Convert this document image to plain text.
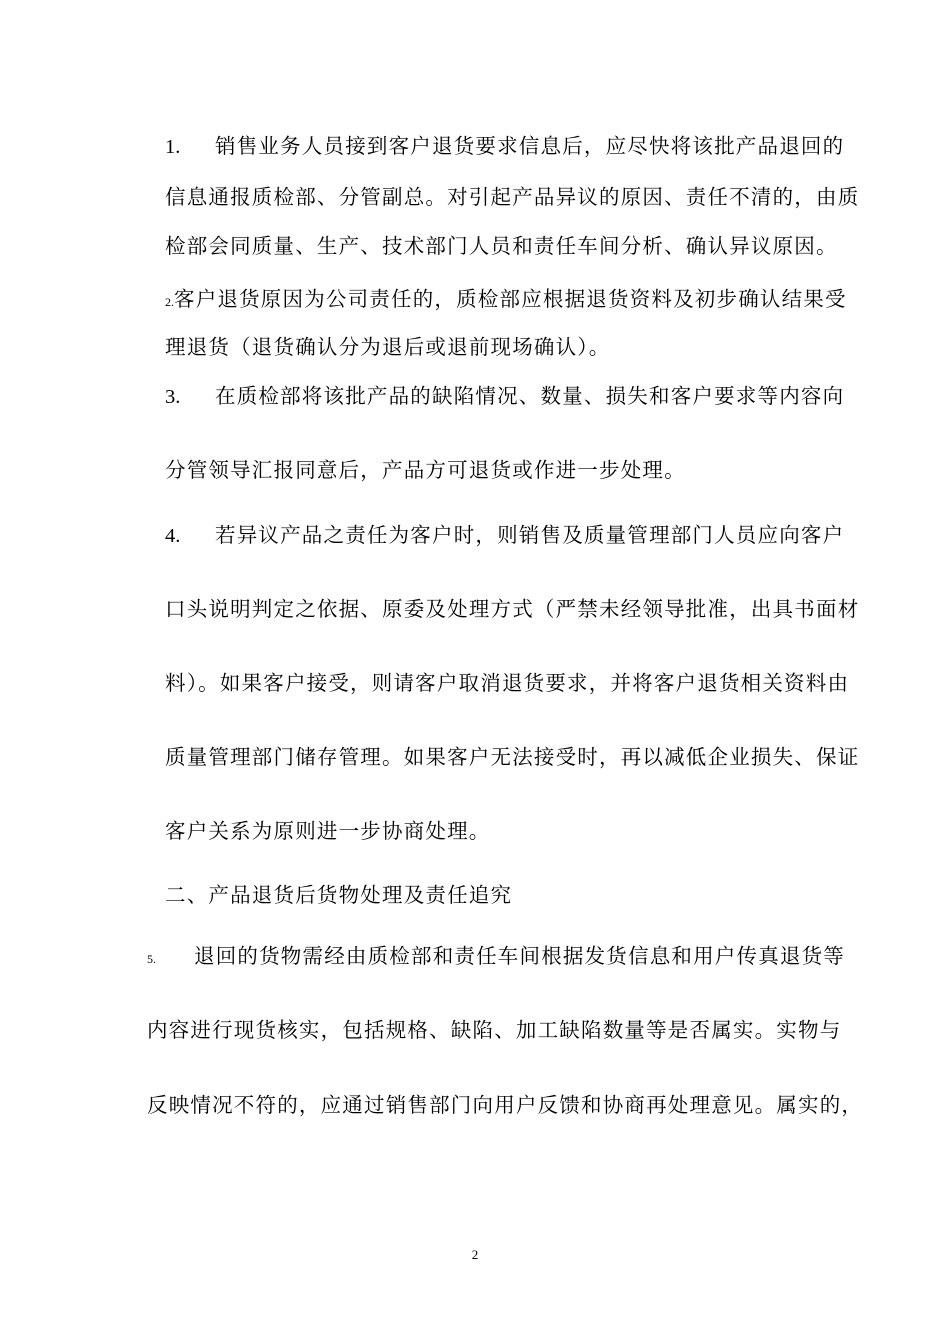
1. 销售业务人员接到客户退货要求信息后，应尽快将该批产品退回的
信息通报质检部、分管副总。对引起产品异议的原因、责任不清的，由质
检部会同质量、生产、技术部门人员和责任车间分析、确认异议原因。
2.客户退货原因为公司责任的，质检部应根据退货资料及初步确认结果受
理退货（退货确认分为退后或退前现场确认）。
3. 在质检部将该批产品的缺陷情况、数量、损失和客户要求等内容向
分管领导汇报同意后，产品方可退货或作进一步处理。
4. 若异议产品之责任为客户时，则销售及质量管理部门人员应向客户
口头说明判定之依据、原委及处理方式（严禁未经领导批准，出具书面材
料）。如果客户接受，则请客户取消退货要求，并将客户退货相关资料由
质量管理部门储存管理。如果客户无法接受时，再以减低企业损失、保证
客户关系为原则进一步协商处理。
二、产品退货后货物处理及责任追究
5. 退回的货物需经由质检部和责任车间根据发货信息和用户传真退货等
内容进行现货核实，包括规格、缺陷、加工缺陷数量等是否属实。实物与
反映情况不符的，应通过销售部门向用户反馈和协商再处理意见。属实的，
2
